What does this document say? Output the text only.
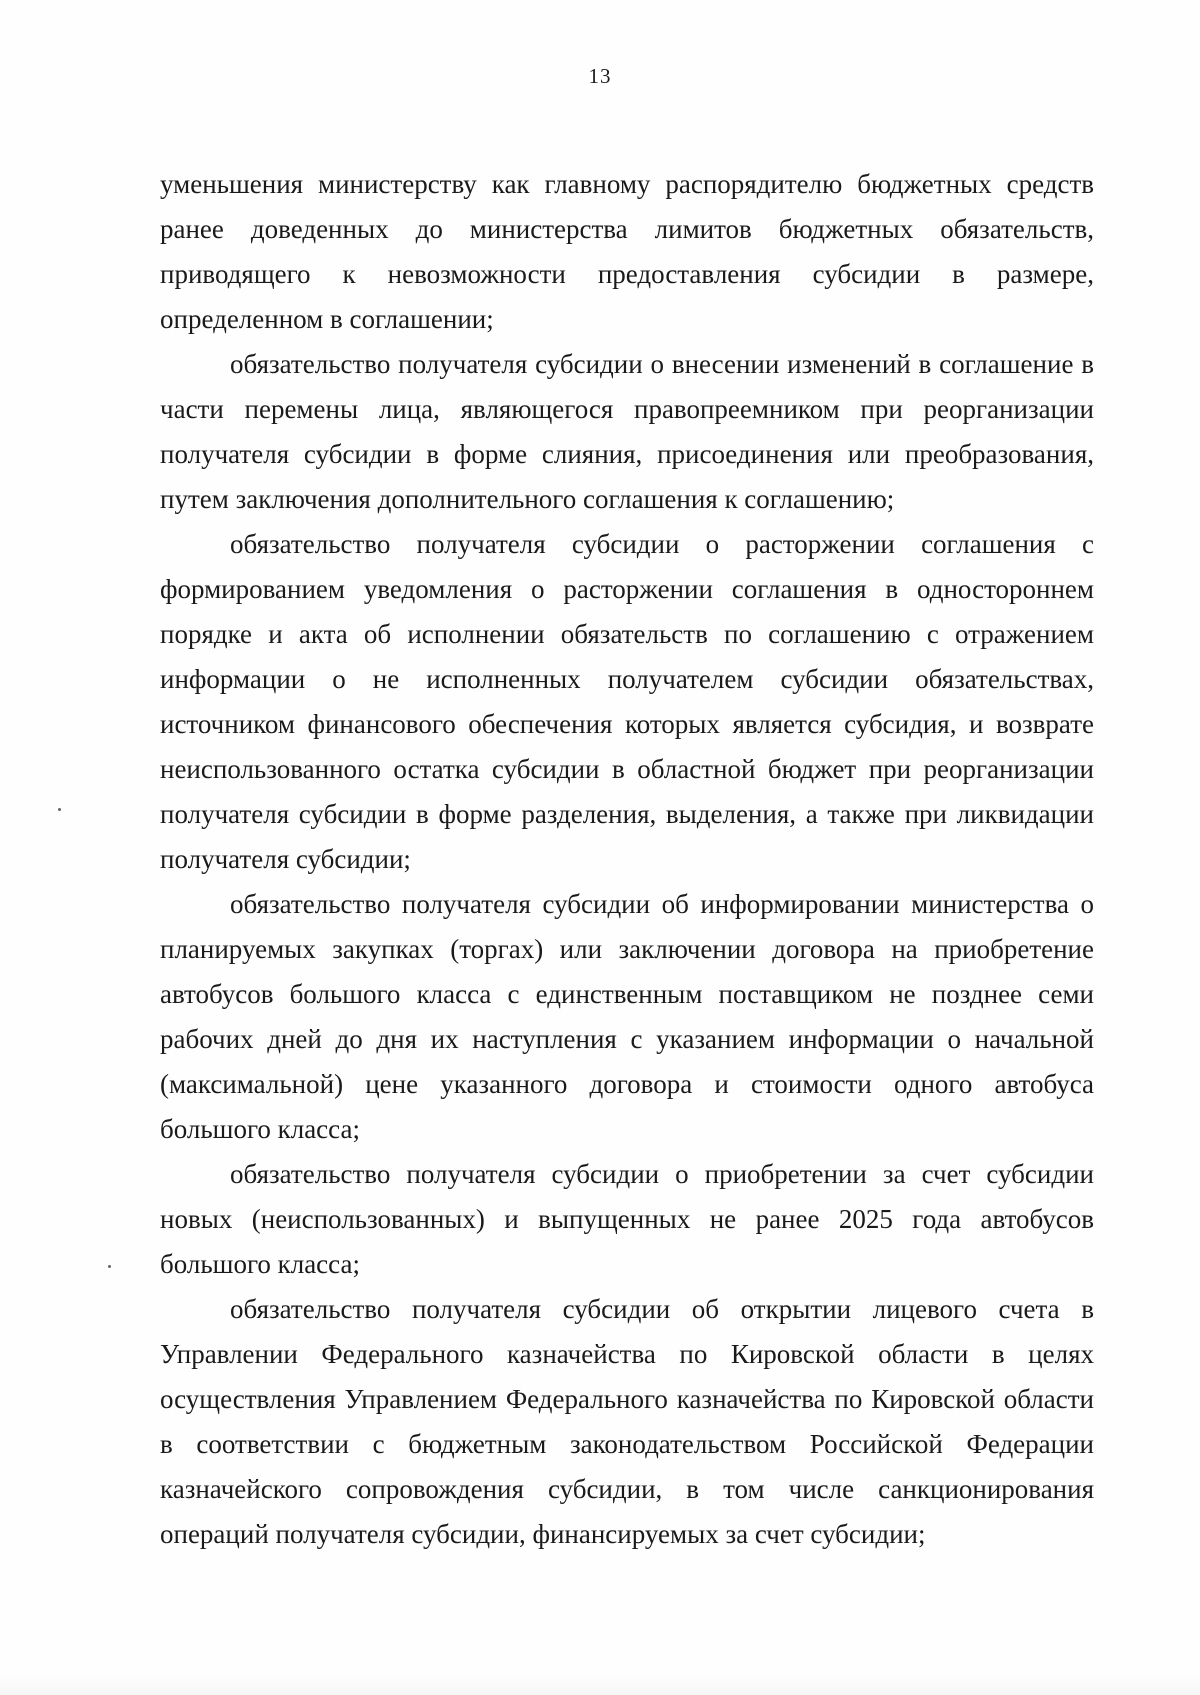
13

уменьшения министерству как главному распорядителю бюджетных средств ранее доведенных до министерства лимитов бюджетных обязательств, приводящего к невозможности предоставления субсидии в размере, определенном в соглашении;

обязательство получателя субсидии о внесении изменений в соглашение в части перемены лица, являющегося правопреемником при реорганизации получателя субсидии в форме слияния, присоединения или преобразования, путем заключения дополнительного соглашения к соглашению;

обязательство получателя субсидии о расторжении соглашения с формированием уведомления о расторжении соглашения в одностороннем порядке и акта об исполнении обязательств по соглашению с отражением информации о не исполненных получателем субсидии обязательствах, источником финансового обеспечения которых является субсидия, и возврате неиспользованного остатка субсидии в областной бюджет при реорганизации получателя субсидии в форме разделения, выделения, а также при ликвидации получателя субсидии;

обязательство получателя субсидии об информировании министерства о планируемых закупках (торгах) или заключении договора на приобретение автобусов большого класса с единственным поставщиком не позднее семи рабочих дней до дня их наступления с указанием информации о начальной (максимальной) цене указанного договора и стоимости одного автобуса большого класса;

обязательство получателя субсидии о приобретении за счет субсидии новых (неиспользованных) и выпущенных не ранее 2025 года автобусов большого класса;

обязательство получателя субсидии об открытии лицевого счета в Управлении Федерального казначейства по Кировской области в целях осуществления Управлением Федерального казначейства по Кировской области в соответствии с бюджетным законодательством Российской Федерации казначейского сопровождения субсидии, в том числе санкционирования операций получателя субсидии, финансируемых за счет субсидии;
